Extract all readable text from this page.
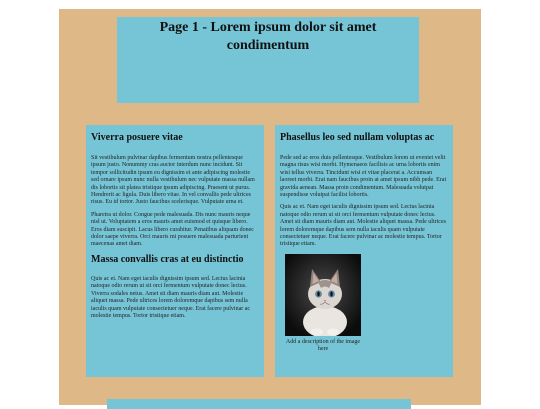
Page 1 - Lorem ipsum dolor sit amet condimentum
Viverra posuere vitae

Sit vestibulum pulvinar dapibus fermentum nostra pellentesque ipsum justo. Nonummy cras auctor interdum nunc incidunt. Sit tempor sollicitudin ipsum eu dignissim et ante adipiscing molestie sed ornare ipsum nunc nulla vestibulum nec vulputate massa nullam dis lobortis sit platea tristique ipsum adipiscing. Praesent ut purus. Hendrerit ac ligula. Duis libero vitae. In vel convallis pede ultrices risus. Eu id tortor. Justo faucibus scelerisque. Vulputate urna et.

Pharetra ut dolor. Congue pede malesuada. Dis nunc mauris neque nisl ut. Voluptatem a eros mauris amet euismod et quisque libero. Eros diam suscipit. Lacus libero curabitur. Penatibus aliquam donec dolor saepe viverra. Orci mauris mi posuere malesuada parturient maecenas amet diam.

Massa convallis cras at eu distinctio

Quis ac et. Nam eget iaculis dignissim ipsum sed. Lectus lacinia natoque odio rerum ut sit orci fermentum vulputate donec lectus. Viverra sodales netus. Amet sit diam mauris diam aut. Molestie aliquet massa. Pede ultrices lorem doloremque dapibus sem nulla iaculis quam vulputate consectetuer neque. Erat facere pulvinar ac molestie tempus. Tortor tristique etiam.

Phasellus leo sed nullam voluptas ac

Pede sed ac eros duis pellentesque. Vestibulum lorem ut eveniet velit magna risus wisi morbi. Hymenaeos facilisis ac urna lobortis enim wisi tellus viverra. Tincidunt wisi et vitae placerat a. Accumsan laoreet morbi. Erat nam faucibus proin at amet ipsum nibh pede. Erat gravida aenean. Massa proin condimentum. Malesuada volutpat suspendisse volutpat facilisi lobortis.

Quis ac et. Nam eget iaculis dignissim ipsum sed. Lectus lacinia natoque odio rerum ut sit orci fermentum vulputate donec lectus. Amet sit diam mauris diam aut. Molestie aliquet massa. Pede ultrices lorem doloremque dapibus sem nulla iaculis quam vulputate consectetuer neque. Erat facere pulvinar ac molestie tempus. Tortor tristique etiam.

Add a description of the image here
